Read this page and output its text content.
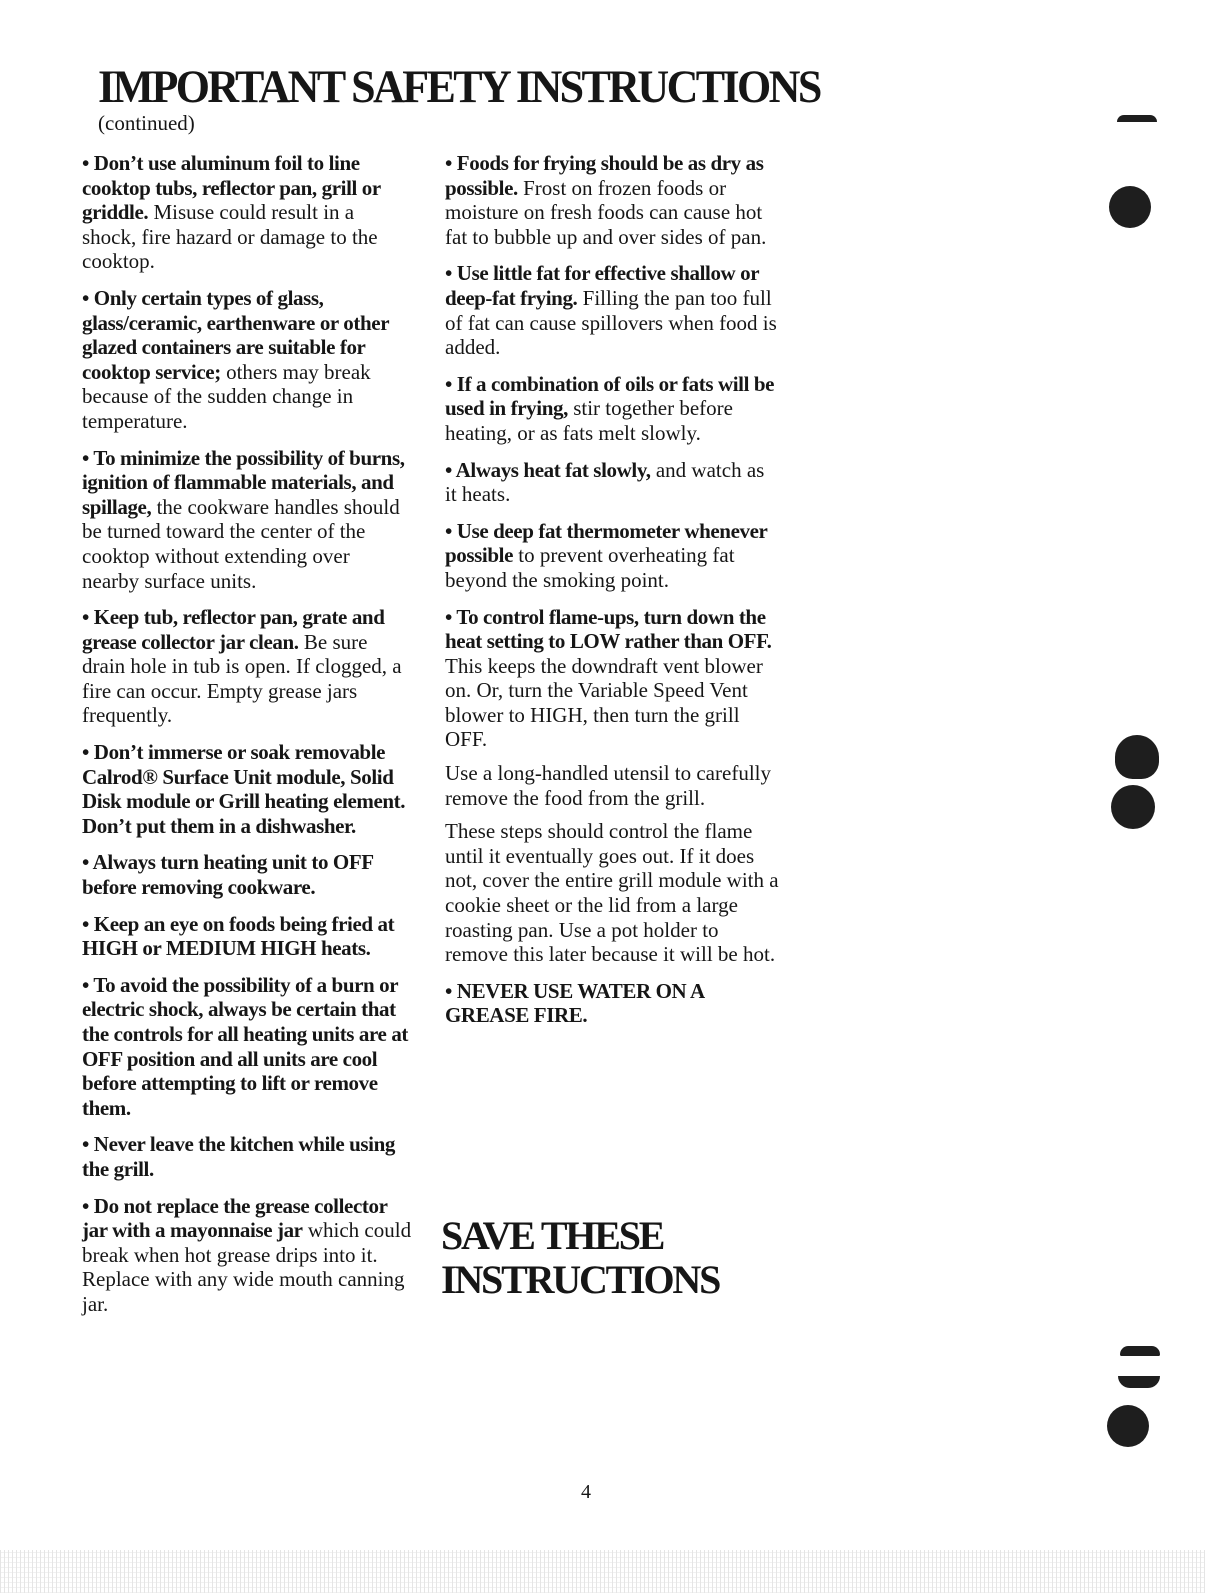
IMPORTANT SAFETY INSTRUCTIONS
(continued)

• Don’t use aluminum foil to line cooktop tubs, reflector pan, grill or griddle. Misuse could result in a shock, fire hazard or damage to the cooktop.

• Only certain types of glass, glass/ceramic, earthenware or other glazed containers are suitable for cooktop service; others may break because of the sudden change in temperature.

• To minimize the possibility of burns, ignition of flammable materials, and spillage, the cookware handles should be turned toward the center of the cooktop without extending over nearby surface units.

• Keep tub, reflector pan, grate and grease collector jar clean. Be sure drain hole in tub is open. If clogged, a fire can occur. Empty grease jars frequently.

• Don’t immerse or soak removable Calrod® Surface Unit module, Solid Disk module or Grill heating element. Don’t put them in a dishwasher.

• Always turn heating unit to OFF before removing cookware.

• Keep an eye on foods being fried at HIGH or MEDIUM HIGH heats.

• To avoid the possibility of a burn or electric shock, always be certain that the controls for all heating units are at OFF position and all units are cool before attempting to lift or remove them.

• Never leave the kitchen while using the grill.

• Do not replace the grease collector jar with a mayonnaise jar which could break when hot grease drips into it. Replace with any wide mouth canning jar.

• Foods for frying should be as dry as possible. Frost on frozen foods or moisture on fresh foods can cause hot fat to bubble up and over sides of pan.

• Use little fat for effective shallow or deep-fat frying. Filling the pan too full of fat can cause spillovers when food is added.

• If a combination of oils or fats will be used in frying, stir together before heating, or as fats melt slowly.

• Always heat fat slowly, and watch as it heats.

• Use deep fat thermometer whenever possible to prevent overheating fat beyond the smoking point.

• To control flame-ups, turn down the heat setting to LOW rather than OFF. This keeps the downdraft vent blower on. Or, turn the Variable Speed Vent blower to HIGH, then turn the grill OFF.

Use a long-handled utensil to carefully remove the food from the grill.

These steps should control the flame until it eventually goes out. If it does not, cover the entire grill module with a cookie sheet or the lid from a large roasting pan. Use a pot holder to remove this later because it will be hot.

• NEVER USE WATER ON A GREASE FIRE.

SAVE THESE
INSTRUCTIONS
4
